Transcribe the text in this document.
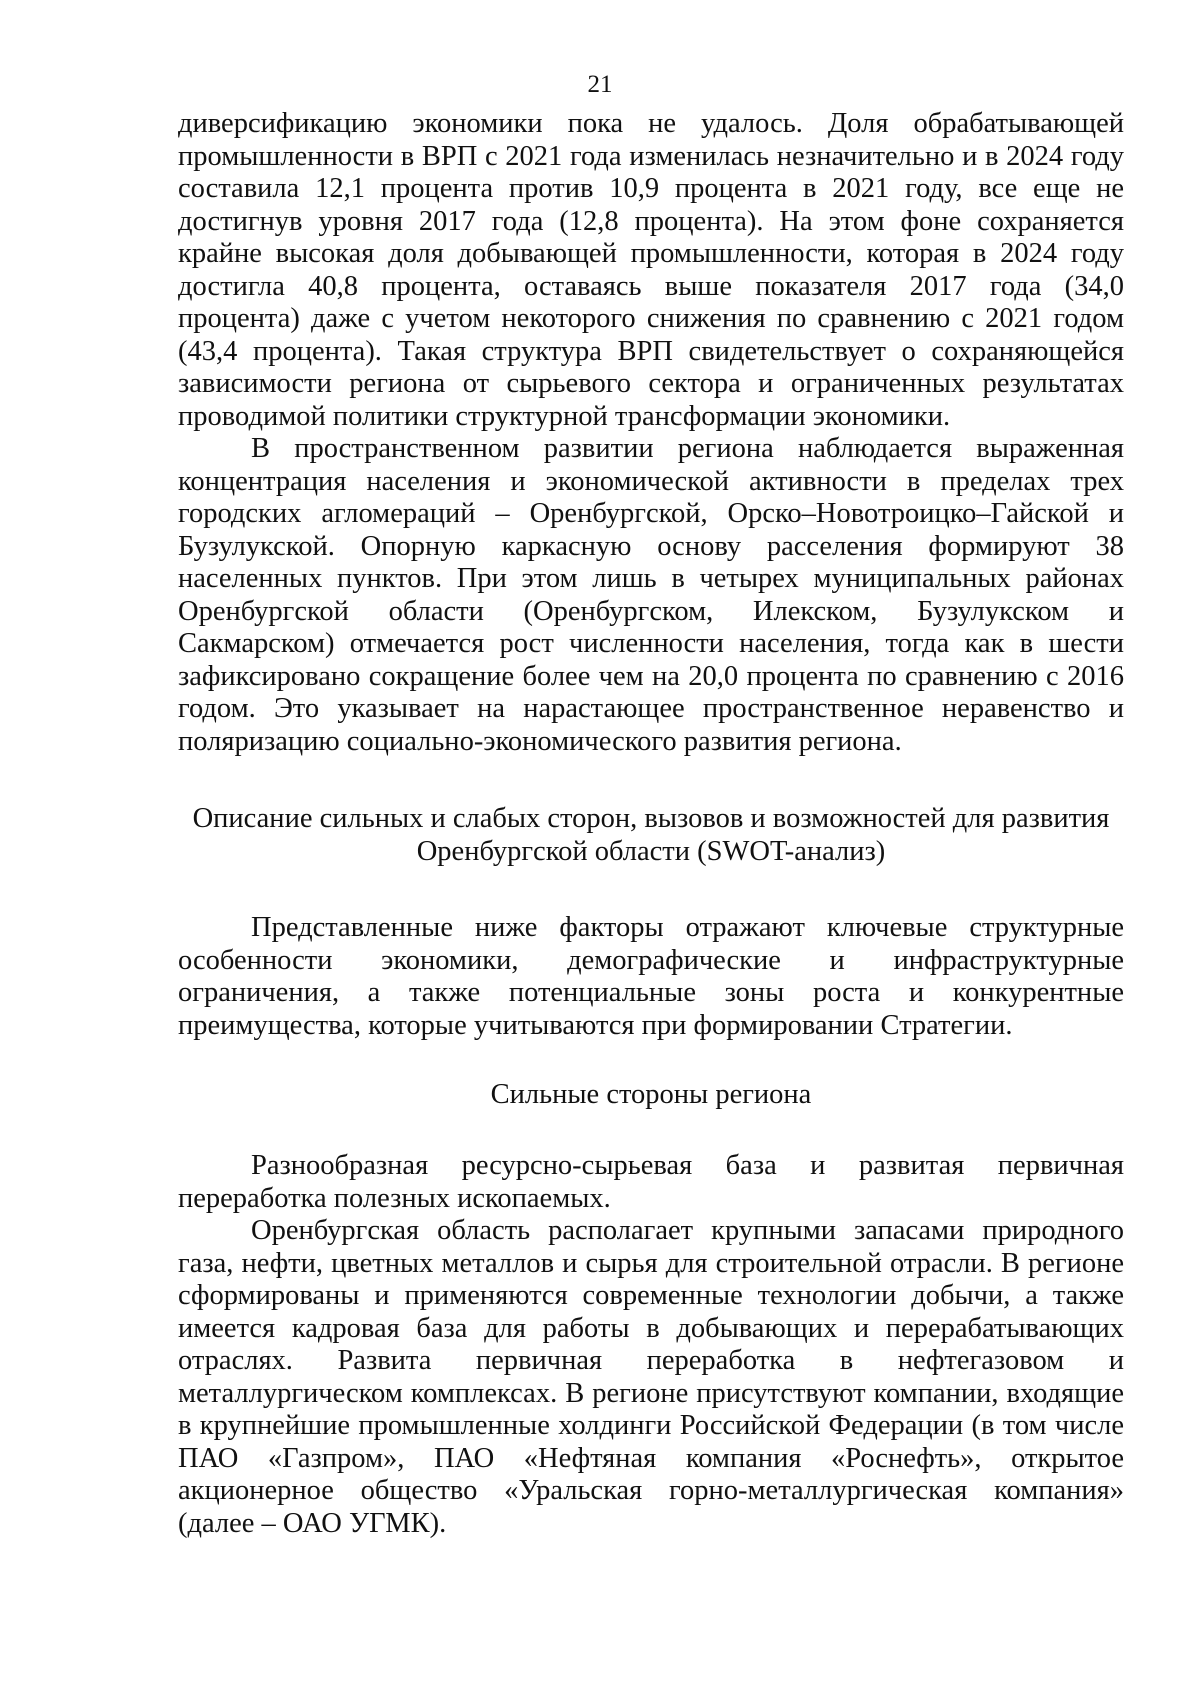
21

диверсификацию экономики пока не удалось. Доля обрабатывающей промышленности в ВРП с 2021 года изменилась незначительно и в 2024 году составила 12,1 процента против 10,9 процента в 2021 году, все еще не достигнув уровня 2017 года (12,8 процента). На этом фоне сохраняется крайне высокая доля добывающей промышленности, которая в 2024 году достигла 40,8 процента, оставаясь выше показателя 2017 года (34,0 процента) даже с учетом некоторого снижения по сравнению с 2021 годом (43,4 процента). Такая структура ВРП свидетельствует о сохраняющейся зависимости региона от сырьевого сектора и ограниченных результатах проводимой политики структурной трансформации экономики.

В пространственном развитии региона наблюдается выраженная концентрация населения и экономической активности в пределах трех городских агломераций – Оренбургской, Орско–Новотроицко–Гайской и Бузулукской. Опорную каркасную основу расселения формируют 38 населенных пунктов. При этом лишь в четырех муниципальных районах Оренбургской области (Оренбургском, Илекском, Бузулукском и Сакмарском) отмечается рост численности населения, тогда как в шести зафиксировано сокращение более чем на 20,0 процента по сравнению с 2016 годом. Это указывает на нарастающее пространственное неравенство и поляризацию социально-экономического развития региона.

Описание сильных и слабых сторон, вызовов и возможностей для развития
Оренбургской области (SWOT-анализ)

Представленные ниже факторы отражают ключевые структурные особенности экономики, демографические и инфраструктурные ограничения, а также потенциальные зоны роста и конкурентные преимущества, которые учитываются при формировании Стратегии.

Сильные стороны региона

Разнообразная ресурсно-сырьевая база и развитая первичная переработка полезных ископаемых.

Оренбургская область располагает крупными запасами природного газа, нефти, цветных металлов и сырья для строительной отрасли. В регионе сформированы и применяются современные технологии добычи, а также имеется кадровая база для работы в добывающих и перерабатывающих отраслях. Развита первичная переработка в нефтегазовом и металлургическом комплексах. В регионе присутствуют компании, входящие в крупнейшие промышленные холдинги Российской Федерации (в том числе ПАО «Газпром», ПАО «Нефтяная компания «Роснефть», открытое акционерное общество «Уральская горно-металлургическая компания» (далее – ОАО УГМК).
